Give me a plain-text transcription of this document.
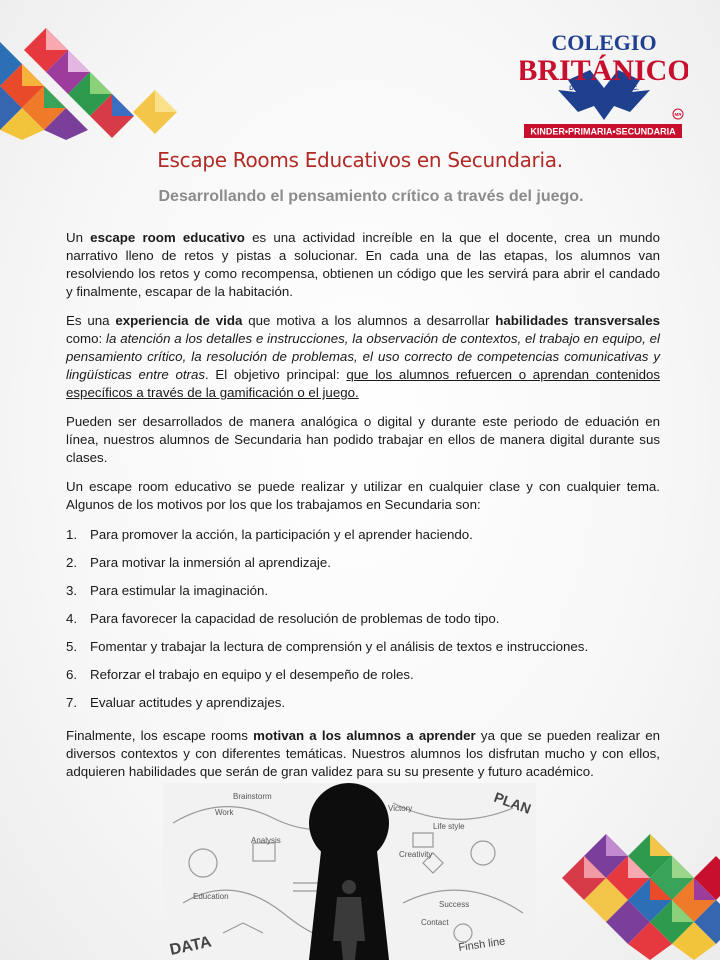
COLEGIO
BRITÁNICO
DE GUADALAJARA A.C.
KINDER•PRIMARIA•SECUNDARIA
MR
Escape Rooms Educativos en Secundaria.
Desarrollando el pensamiento crítico a través del juego.

Un escape room educativo es una actividad increíble en la que el docente, crea un mundo narrativo lleno de retos y pistas a solucionar. En cada una de las etapas, los alumnos van resolviendo los retos y como recompensa, obtienen un código que les servirá para abrir el candado y finalmente, escapar de la habitación.

Es una experiencia de vida que motiva a los alumnos a desarrollar habilidades transversales como: la atención a los detalles e instrucciones, la observación de contextos, el trabajo en equipo, el pensamiento crítico, la resolución de problemas, el uso correcto de competencias comunicativas y lingüísticas entre otras. El objetivo principal: que los alumnos refuercen o aprendan contenidos específicos a través de la gamificación o el juego.

Pueden ser desarrollados de manera analógica o digital y durante este periodo de eduación en línea, nuestros alumnos de Secundaria han podido trabajar en ellos de manera digital durante sus clases.

Un escape room educativo se puede realizar y utilizar en cualquier clase y con cualquier tema. Algunos de los motivos por los que los trabajamos en Secundaria son:

1. Para promover la acción, la participación y el aprender haciendo.
2. Para motivar la inmersión al aprendizaje.
3. Para estimular la imaginación.
4. Para favorecer la capacidad de resolución de problemas de todo tipo.
5. Fomentar y trabajar la lectura de comprensión y el análisis de textos e instrucciones.
6. Reforzar el trabajo en equipo y el desempeño de roles.
7. Evaluar actitudes y aprendizajes.

Finalmente, los escape rooms motivan a los alumnos a aprender ya que se pueden realizar en diversos contextos y con diferentes temáticas. Nuestros alumnos los disfrutan mucho y con ellos, adquieren habilidades que serán de gran validez para su su presente y futuro académico.

Brainstorm
Work
Analysis
Education
Victory
Life style
Creativity
Success
Contact
DATA	Finsh line
PLAN
